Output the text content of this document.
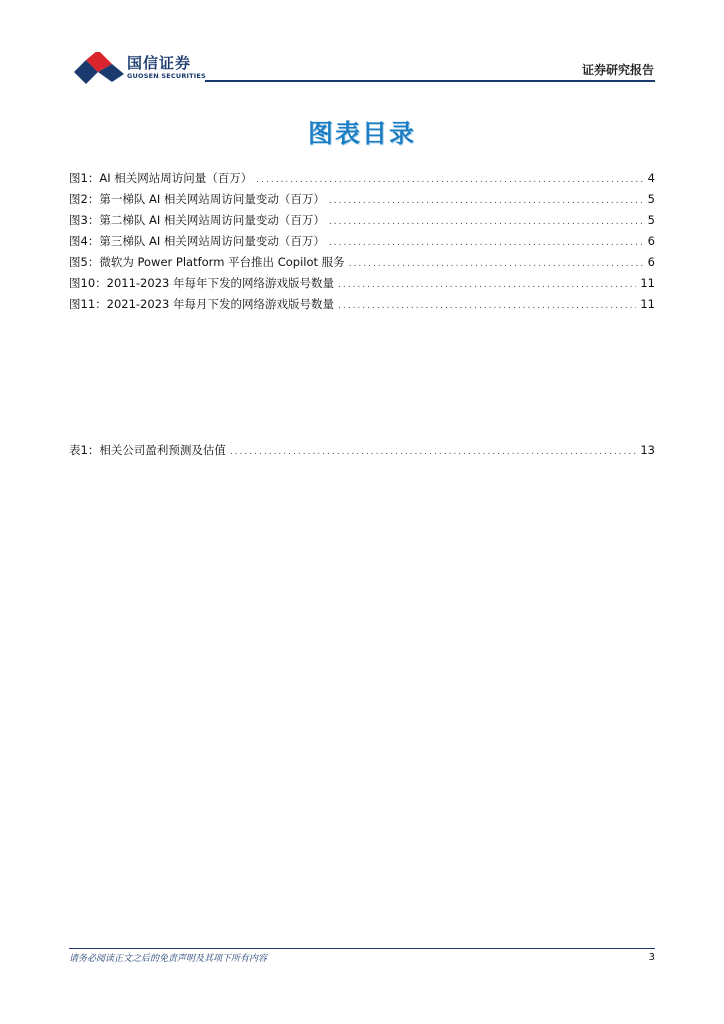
国信证券
GUOSEN SECURITIES	证券研究报告
图表目录
图1： AI 相关网站周访问量（百万） .....	4
图2： 第一梯队 AI 相关网站周访问量变动（百万） .....	5
图3： 第二梯队 AI 相关网站周访问量变动（百万） .....	5
图4： 第三梯队 AI 相关网站周访问量变动（百万） .....	6
图5： 微软为 Power Platform 平台推出 Copilot 服务 .....	6
图10： 2011-2023 年每年下发的网络游戏版号数量 .....	11
图11： 2021-2023 年每月下发的网络游戏版号数量 .....	11
表1： 相关公司盈利预测及估值 .....	13
请务必阅读正文之后的免责声明及其项下所有内容	3
